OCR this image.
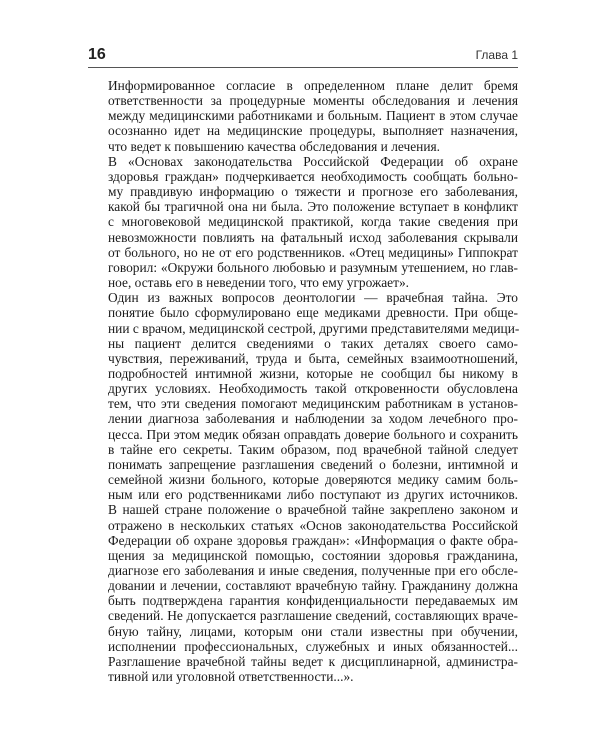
16	Глава 1

Информированное согласие в определенном плане делит бремя
ответственности за процедурные моменты обследования и лечения
между медицинскими работниками и больным. Пациент в этом случае
осознанно идет на медицинские процедуры, выполняет назначения,
что ведет к повышению качества обследования и лечения.

В «Основах законодательства Российской Федерации об охране
здоровья граждан» подчеркивается необходимость сообщать больно-
му правдивую информацию о тяжести и прогнозе его заболевания,
какой бы трагичной она ни была. Это положение вступает в конфликт
с многовековой медицинской практикой, когда такие сведения при
невозможности повлиять на фатальный исход заболевания скрывали
от больного, но не от его родственников. «Отец медицины» Гиппократ
говорил: «Окружи больного любовью и разумным утешением, но глав-
ное, оставь его в неведении того, что ему угрожает».

Один из важных вопросов деонтологии — врачебная тайна. Это
понятие было сформулировано еще медиками древности. При обще-
нии с врачом, медицинской сестрой, другими представителями медици-
ны пациент делится сведениями о таких деталях своего само-
чувствия, переживаний, труда и быта, семейных взаимоотношений,
подробностей интимной жизни, которые не сообщил бы никому в
других условиях. Необходимость такой откровенности обусловлена
тем, что эти сведения помогают медицинским работникам в установ-
лении диагноза заболевания и наблюдении за ходом лечебного про-
цесса. При этом медик обязан оправдать доверие больного и сохранить
в тайне его секреты. Таким образом, под врачебной тайной следует
понимать запрещение разглашения сведений о болезни, интимной и
семейной жизни больного, которые доверяются медику самим боль-
ным или его родственниками либо поступают из других источников.
В нашей стране положение о врачебной тайне закреплено законом и
отражено в нескольких статьях «Основ законодательства Российской
Федерации об охране здоровья граждан»: «Информация о факте обра-
щения за медицинской помощью, состоянии здоровья гражданина,
диагнозе его заболевания и иные сведения, полученные при его обсле-
довании и лечении, составляют врачебную тайну. Гражданину должна
быть подтверждена гарантия конфиденциальности передаваемых им
сведений. Не допускается разглашение сведений, составляющих враче-
бную тайну, лицами, которым они стали известны при обучении,
исполнении профессиональных, служебных и иных обязанностей...
Разглашение врачебной тайны ведет к дисциплинарной, администра-
тивной или уголовной ответственности...».
